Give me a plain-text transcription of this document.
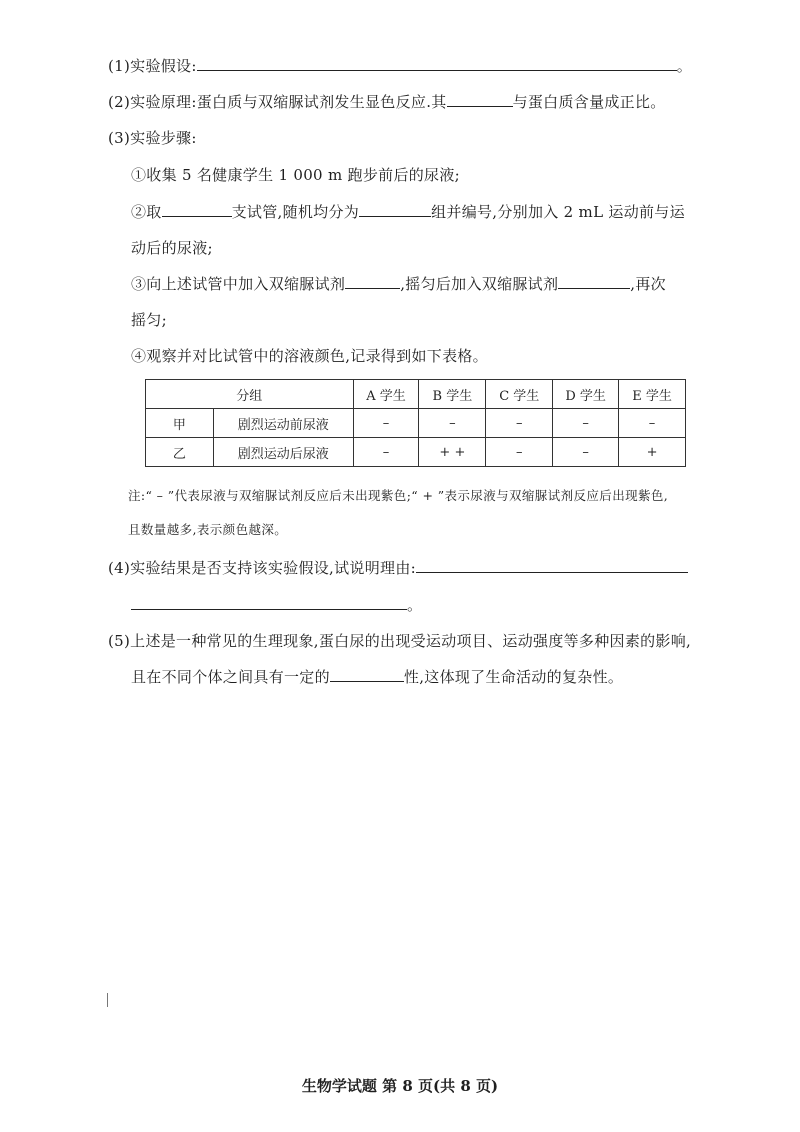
(1)实验假设:	。
(2)实验原理:蛋白质与双缩脲试剂发生显色反应.其	与蛋白质含量成正比。
(3)实验步骤:
①收集 5 名健康学生 1 000 m 跑步前后的尿液;
②取	支试管,随机均分为	组并编号,分别加入 2 mL 运动前与运
动后的尿液;
③向上述试管中加入双缩脲试剂	,摇匀后加入双缩脲试剂	,再次
摇匀;
④观察并对比试管中的溶液颜色,记录得到如下表格。
分组		A 学生	B 学生	C 学生	D 学生	E 学生
甲	剧烈运动前尿液	–	–	–	–	–
乙	剧烈运动后尿液	–	+ +	–	–	+
注:“ – ”代表尿液与双缩脲试剂反应后未出现紫色;“ + ”表示尿液与双缩脲试剂反应后出现紫色,
且数量越多,表示颜色越深。
(4)实验结果是否支持该实验假设,试说明理由:
。
(5)上述是一种常见的生理现象,蛋白尿的出现受运动项目、运动强度等多种因素的影响,
且在不同个体之间具有一定的	性,这体现了生命活动的复杂性。
生物学试题 第 8 页(共 8 页)
